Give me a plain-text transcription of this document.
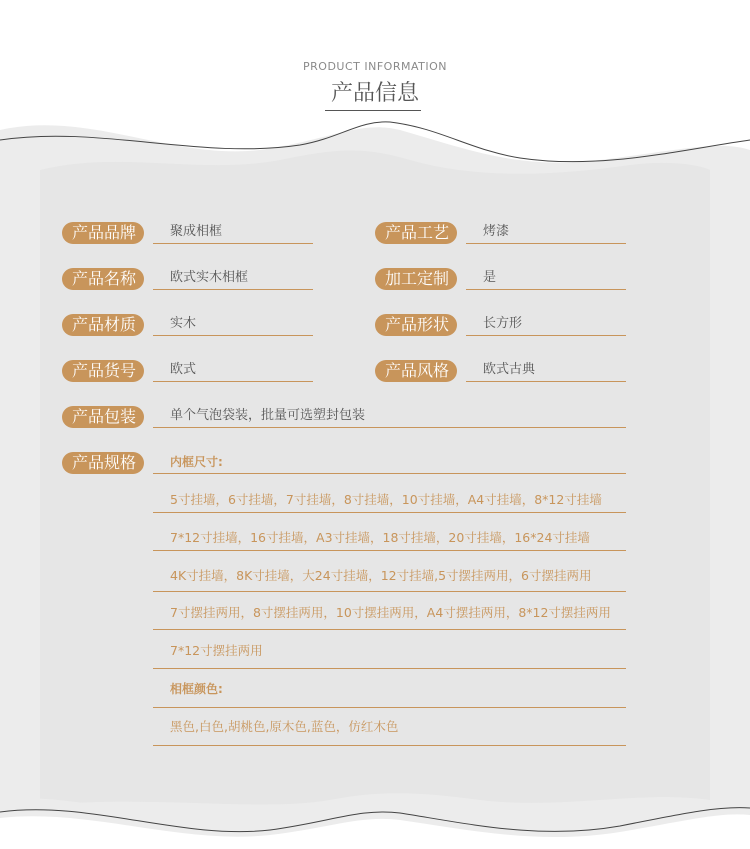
PRODUCT INFORMATION
产品信息
产品品牌	聚成相框	产品工艺	烤漆
产品名称	欧式实木相框	加工定制	是
产品材质	实木	产品形状	长方形
产品货号	欧式	产品风格	欧式古典
产品包装	单个气泡袋装，批量可选塑封包装
产品规格	内框尺寸:
5寸挂墙，6寸挂墙，7寸挂墙，8寸挂墙，10寸挂墙，A4寸挂墙，8*12寸挂墙
7*12寸挂墙，16寸挂墙，A3寸挂墙，18寸挂墙，20寸挂墙，16*24寸挂墙
4K寸挂墙，8K寸挂墙，大24寸挂墙，12寸挂墙,5寸摆挂两用，6寸摆挂两用
7寸摆挂两用，8寸摆挂两用，10寸摆挂两用，A4寸摆挂两用，8*12寸摆挂两用
7*12寸摆挂两用
相框颜色:
黑色,白色,胡桃色,原木色,蓝色，仿红木色
